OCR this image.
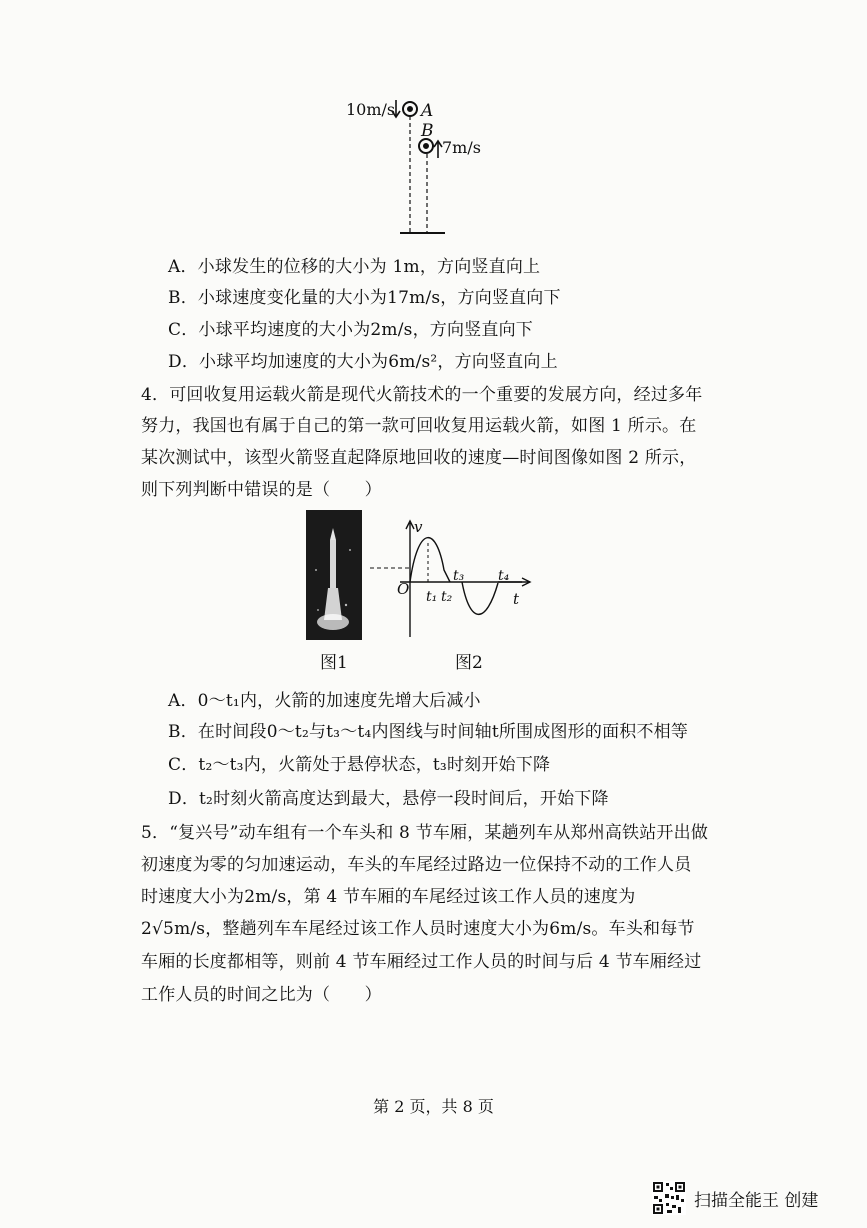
10m/s A
B
7m/s
A．小球发生的位移的大小为 1m，方向竖直向上
B．小球速度变化量的大小为17m/s，方向竖直向下
C．小球平均速度的大小为2m/s，方向竖直向下
D．小球平均加速度的大小为6m/s²，方向竖直向上
4．可回收复用运载火箭是现代火箭技术的一个重要的发展方向，经过多年
努力，我国也有属于自己的第一款可回收复用运载火箭，如图 1 所示。在
某次测试中，该型火箭竖直起降原地回收的速度—时间图像如图 2 所示，
则下列判断中错误的是（　　）
图1
v
O t₁ t₂
t₃ t₄
t
图2
A．0～t₁内，火箭的加速度先增大后减小
B．在时间段0～t₂与t₃～t₄内图线与时间轴t所围成图形的面积不相等
C．t₂～t₃内，火箭处于悬停状态，t₃时刻开始下降
D．t₂时刻火箭高度达到最大，悬停一段时间后，开始下降
5．“复兴号”动车组有一个车头和 8 节车厢，某趟列车从郑州高铁站开出做
初速度为零的匀加速运动，车头的车尾经过路边一位保持不动的工作人员
时速度大小为2m/s，第 4 节车厢的车尾经过该工作人员的速度为
2√5m/s，整趟列车车尾经过该工作人员时速度大小为6m/s。车头和每节
车厢的长度都相等，则前 4 节车厢经过工作人员的时间与后 4 节车厢经过
工作人员的时间之比为（　　）
第 2 页，共 8 页
扫描全能王 创建
